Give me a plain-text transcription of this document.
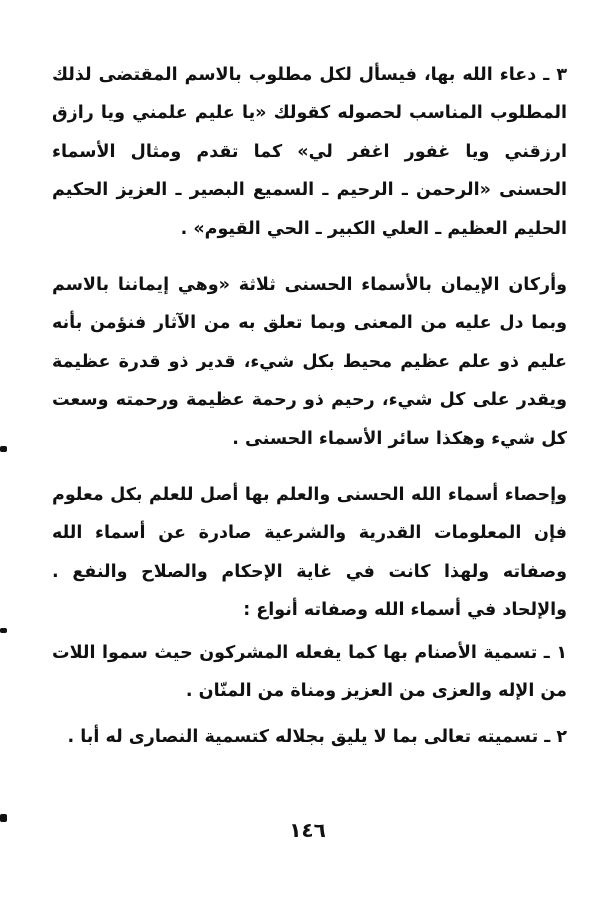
٣ ـ دعاء الله بها، فيسأل لكل مطلوب بالاسم المقتضى لذلك المطلوب المناسب لحصوله كقولك «يا عليم علمني ويا رازق ارزقني ويا غفور اغفر لي» كما تقدم ومثال الأسماء الحسنى «الرحمن ـ الرحيم ـ السميع البصير ـ العزيز الحكيم الحليم العظيم ـ العلي الكبير ـ الحي القيوم» .

وأركان الإيمان بالأسماء الحسنى ثلاثة «وهي إيماننا بالاسم وبما دل عليه من المعنى وبما تعلق به من الآثار فنؤمن بأنه عليم ذو علم عظيم محيط بكل شيء، قدير ذو قدرة عظيمة ويقدر على كل شيء، رحيم ذو رحمة عظيمة ورحمته وسعت كل شيء وهكذا سائر الأسماء الحسنى .

وإحصاء أسماء الله الحسنى والعلم بها أصل للعلم بكل معلوم فإن المعلومات القدرية والشرعية صادرة عن أسماء الله وصفاته ولهذا كانت في غاية الإحكام والصلاح والنفع . والإلحاد في أسماء الله وصفاته أنواع :

١ ـ تسمية الأصنام بها كما يفعله المشركون حيث سموا اللات من الإله والعزى من العزيز ومناة من المنّان .

٢ ـ تسميته تعالى بما لا يليق بجلاله كتسمية النصارى له أبا .

١٤٦
